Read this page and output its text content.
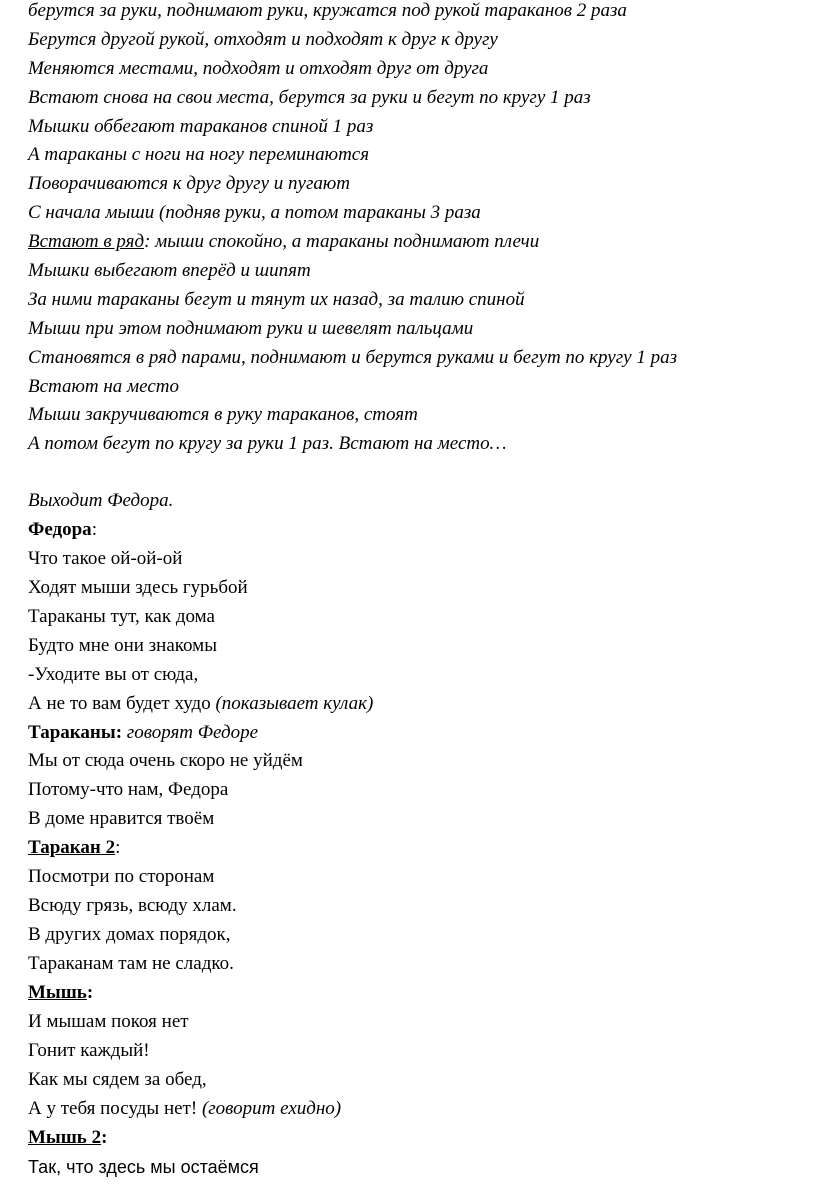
берутся за руки, поднимают руки, кружатся под рукой тараканов 2 раза
Берутся другой рукой, отходят и подходят к друг к другу
Меняются местами, подходят и отходят друг от друга
Встают снова на свои места, берутся за руки и бегут по кругу 1 раз
Мышки оббегают тараканов спиной 1 раз
А тараканы с ноги на ногу переминаются
Поворачиваются к друг другу и пугают
С начала мыши (подняв руки, а потом тараканы 3 раза
Встают в ряд: мыши спокойно, а тараканы поднимают плечи
Мышки выбегают вперёд и шипят
За ними тараканы бегут и тянут их назад, за талию спиной
Мыши при этом поднимают руки и шевелят пальцами
Становятся в ряд парами, поднимают и берутся руками и бегут по кругу 1 раз
Встают на место
Мыши закручиваются в руку тараканов, стоят
А потом бегут по кругу за руки 1 раз. Встают на место…
Выходит Федора.
Федора:
Что такое ой-ой-ой
Ходят мыши здесь гурьбой
Тараканы тут, как дома
Будто мне они знакомы
-Уходите вы от сюда,
А не то вам будет худо (показывает кулак)
Тараканы: говорят Федоре
Мы от сюда очень скоро не уйдём
Потому-что нам, Федора
В доме нравится твоём
Таракан 2:
Посмотри по сторонам
Всюду грязь, всюду хлам.
В других домах порядок,
Тараканам там не сладко.
Мышь:
И мышам покоя нет
Гонит каждый!
Как мы сядем за обед,
А у тебя посуды нет! (говорит ехидно)
Мышь 2:
Так, что здесь мы остаёмся
